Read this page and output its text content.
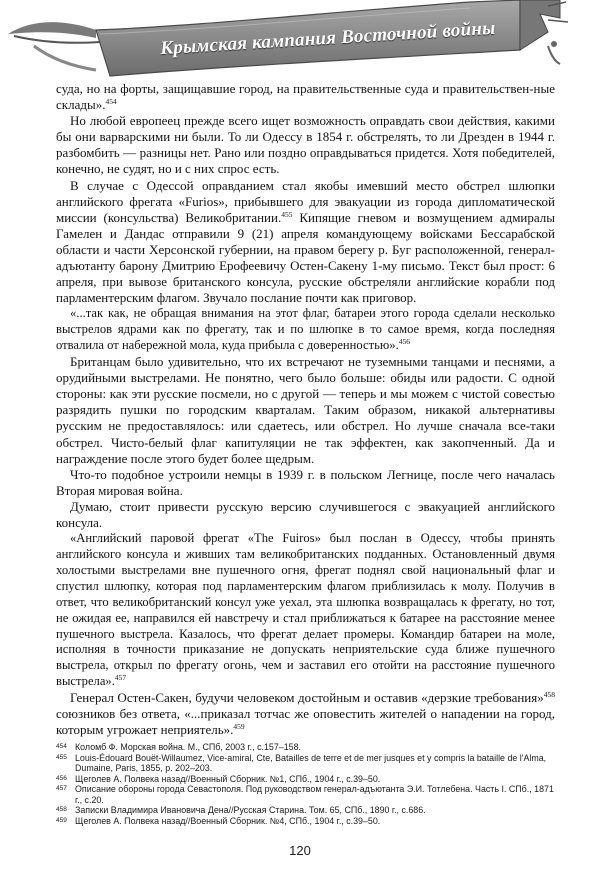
Крымская кампания Восточной войны

суда, но на форты, защищавшие город, на правительственные суда и правительствен-ные склады».$^{454}$

Но любой европеец прежде всего ищет возможность оправдать свои действия, какими бы они варварскими ни были. То ли Одессу в 1854 г. обстрелять, то ли Дрезден в 1944 г. разбомбить — разницы нет. Рано или поздно оправдываться придется. Хотя победителей, конечно, не судят, но и с них спрос есть.

В случае с Одессой оправданием стал якобы имевший место обстрел шлюпки английского фрегата «Furios», прибывшего для эвакуации из города дипломатической миссии (консульства) Великобритании.$^{455}$ Кипящие гневом и возмущением адмиралы Гамелен и Дандас отправили 9 (21) апреля командующему войсками Бессарабской области и части Херсонской губернии, на правом берегу р. Буг расположенной, генерал-адъютанту барону Дмитрию Ерофеевичу Остен-Сакену 1-му письмо. Текст был прост: 6 апреля, при вывозе британского консула, русские обстреляли английские корабли под парламентерским флагом. Звучало послание почти как приговор.

«...так как, не обращая внимания на этот флаг, батареи этого города сделали несколько выстрелов ядрами как по фрегату, так и по шлюпке в то самое время, когда последняя отвалила от набережной мола, куда прибыла с доверенностью».$^{456}$

Британцам было удивительно, что их встречают не туземными танцами и песнями, а орудийными выстрелами. Не понятно, чего было больше: обиды или радости. С одной стороны: как эти русские посмели, но с другой — теперь и мы можем с чистой совестью разрядить пушки по городским кварталам. Таким образом, никакой альтернативы русским не предоставлялось: или сдаетесь, или обстрел. Но лучше сначала все-таки обстрел. Чисто-белый флаг капитуляции не так эффектен, как закопченный. Да и награждение после этого будет более щедрым.

Что-то подобное устроили немцы в 1939 г. в польском Легнице, после чего началась Вторая мировая война.

Думаю, стоит привести русскую версию случившегося с эвакуацией английского консула.

«Английский паровой фрегат «The Fuiros» был послан в Одессу, чтобы принять английского консула и живших там великобританских подданных. Остановленный двумя холостыми выстрелами вне пушечного огня, фрегат поднял свой национальный флаг и спустил шлюпку, которая под парламентерским флагом приблизилась к молу. Получив в ответ, что великобританский консул уже уехал, эта шлюпка возвращалась к фрегату, но тот, не ожидая ее, направился ей навстречу и стал приближаться к батарее на расстояние менее пушечного выстрела. Казалось, что фрегат делает промеры. Командир батареи на моле, исполняя в точности приказание не допускать неприятельские суда ближе пушечного выстрела, открыл по фрегату огонь, чем и заставил его отойти на расстояние пушечного выстрела».$^{457}$

Генерал Остен-Сакен, будучи человеком достойным и оставив «дерзкие требования»$^{458}$ союзников без ответа, «...приказал тотчас же оповестить жителей о нападении на город, которым угрожает неприятель».$^{459}$

454 Коломб Ф. Морская война. М., СПб, 2003 г., с.157–158.
455 Louis-Édouard Bouët-Willaumez, Vice-amiral, Cte, Batailles de terre et de mer jusques et y compris la bataille de l'Alma, Dumaine, Paris, 1855, p. 202–203.
456 Щеголев А. Полвека назад//Военный Сборник. №1, СПб., 1904 г., с.39–50.
457 Описание обороны города Севастополя. Под руководством генерал-адъютанта Э.И. Тотлебена. Часть I. СПб., 1871 г., с.20.
458 Записки Владимира Ивановича Дена//Русская Старина. Том. 65, СПб., 1890 г., с.686.
459 Щеголев А. Полвека назад//Военный Сборник. №4, СПб., 1904 г., с.39–50.
120
